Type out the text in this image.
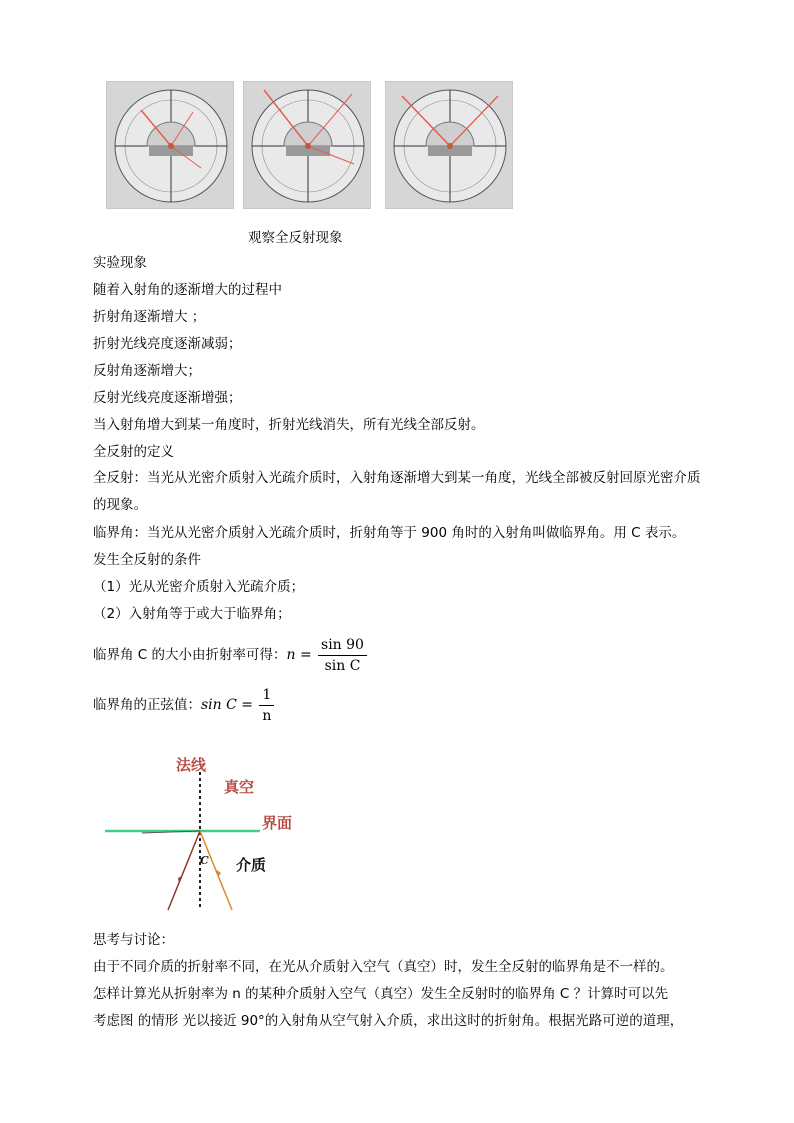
观察全反射现象
实验现象
随着入射角的逐渐增大的过程中
折射角逐渐增大 ；
折射光线亮度逐渐减弱；
反射角逐渐增大；
反射光线亮度逐渐增强；
当入射角增大到某一角度时，折射光线消失，所有光线全部反射。
全反射的定义
全反射：当光从光密介质射入光疏介质时，入射角逐渐增大到某一角度，光线全部被反射回原光密介质的现象。
临界角：当光从光密介质射入光疏介质时，折射角等于 900 角时的入射角叫做临界角。用 C 表示。
发生全反射的条件
（1）光从光密介质射入光疏介质；
（2）入射角等于或大于临界角；
临界角 C 的大小由折射率可得：$n = \frac{\sin 90}{\text{sin C}}$
临界角的正弦值：$\sin C = \frac{1}{n}$
法线
真空
界面
介质
C
思考与讨论：
由于不同介质的折射率不同，在光从介质射入空气（真空）时，发生全反射的临界角是不一样的。
怎样计算光从折射率为 n 的某种介质射入空气（真空）发生全反射时的临界角 C ？计算时可以先
考虑图 的情形 光以接近 90°的入射角从空气射入介质，求出这时的折射角。根据光路可逆的道理，
